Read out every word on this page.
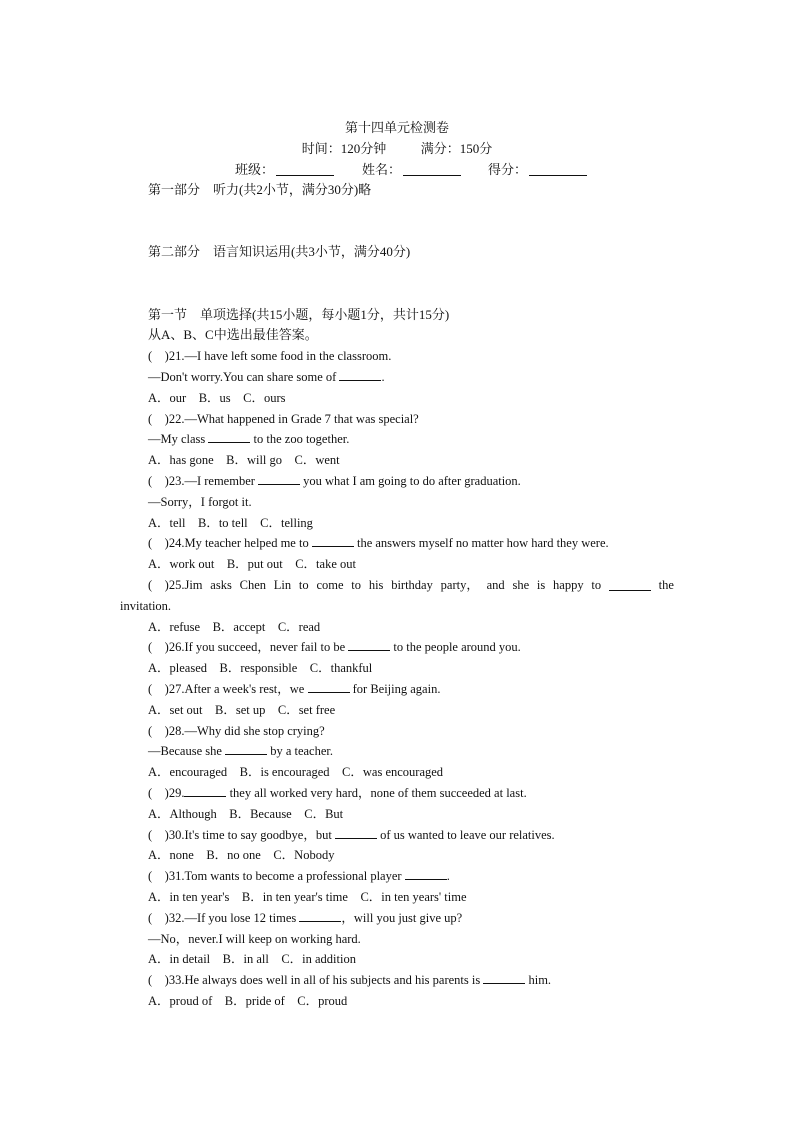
第十四单元检测卷
时间：120分钟	满分：150分
班级：	姓名：	得分：
第一部分　听力(共2小节，满分30分)略
第二部分　语言知识运用(共3小节，满分40分)
第一节　单项选择(共15小题，每小题1分，共计15分)
从A、B、C中选出最佳答案。
(　)21.—I have left some food in the classroom.
—Don't worry.You can share some of	.
A．our　B．us　C．ours
(　)22.—What happened in Grade 7 that was special?
—My class	to the zoo together.
A．has gone　B．will go　C．went
(　)23.—I remember	you what I am going to do after graduation.
—Sorry，I forgot it.
A．tell　B．to tell　C．telling
(　)24.My teacher helped me to	the answers myself no matter how hard they were.
A．work out　B．put out　C．take out
(　)25.Jim asks Chen Lin to come to his birthday party， and she is happy to	the
invitation.
A．refuse　B．accept　C．read
(　)26.If you succeed，never fail to be	to the people around you.
A．pleased　B．responsible　C．thankful
(　)27.After a week's rest，we	for Beijing again.
A．set out　B．set up　C．set free
(　)28.—Why did she stop crying?
—Because she	by a teacher.
A．encouraged　B．is encouraged　C．was encouraged
(　)29.	they all worked very hard，none of them succeeded at last.
A．Although　B．Because　C．But
(　)30.It's time to say goodbye，but	of us wanted to leave our relatives.
A．none　B．no one　C．Nobody
(　)31.Tom wants to become a professional player	.
A．in ten year's　B．in ten year's time　C．in ten years' time
(　)32.—If you lose 12 times	，will you just give up?
—No，never.I will keep on working hard.
A．in detail　B．in all　C．in addition
(　)33.He always does well in all of his subjects and his parents is	him.
A．proud of　B．pride of　C．proud
